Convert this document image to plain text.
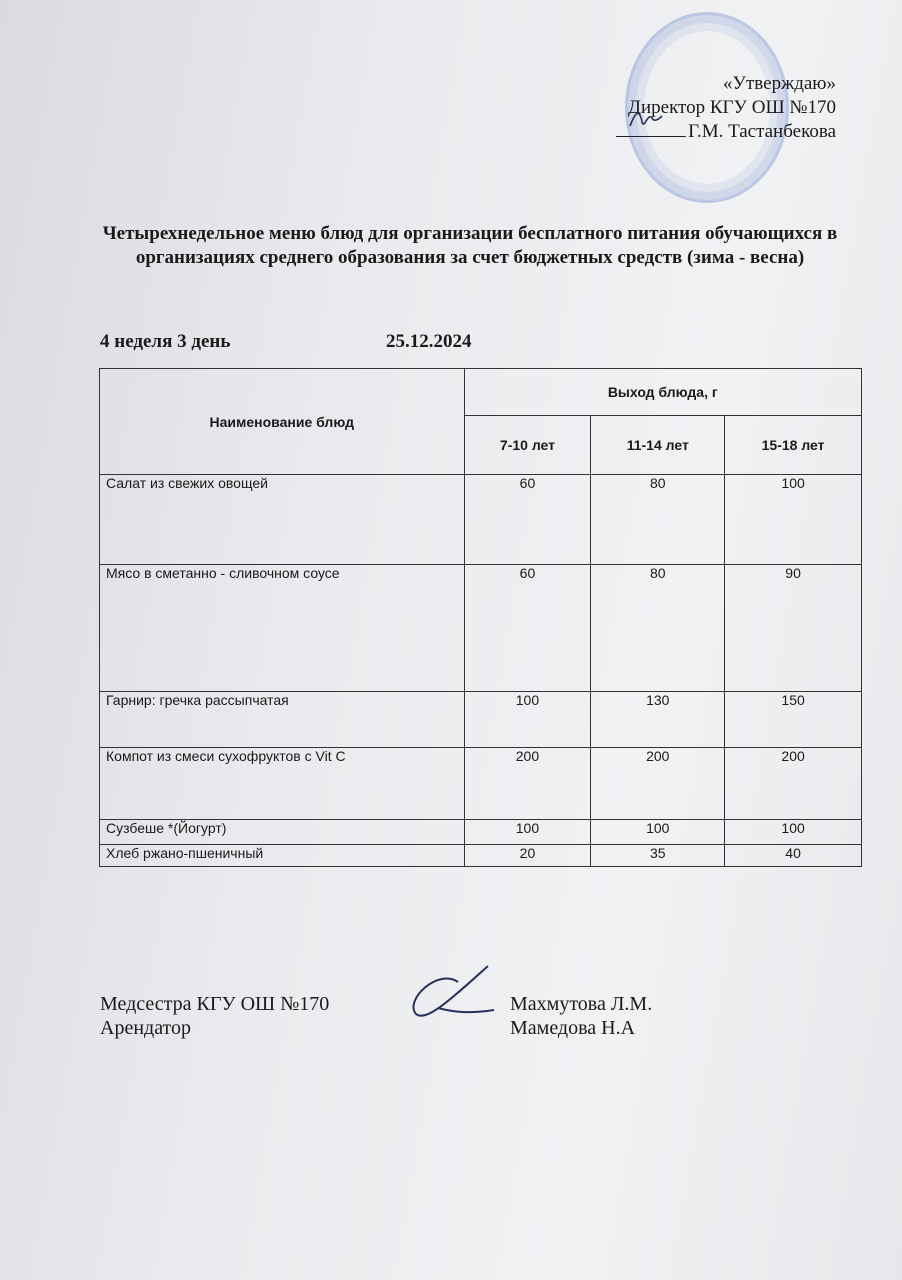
«Утверждаю»
Директор КГУ ОШ №170
Г.М. Тастанбекова
Четырехнедельное меню блюд для организации бесплатного питания обучающихся в организациях среднего образования за счет бюджетных средств (зима - весна)
4 неделя 3 день	25.12.2024
Наименование блюд	Выход блюда, г		
	7-10 лет	11-14 лет	15-18 лет
Салат из свежих овощей	60	80	100
Мясо в сметанно - сливочном соусе	60	80	90
Гарнир: гречка рассыпчатая	100	130	150
Компот из смеси сухофруктов с Vit C	200	200	200
Сузбеше *(Йогурт)	100	100	100
Хлеб ржано-пшеничный	20	35	40
Медсестра КГУ ОШ №170
Арендатор
Махмутова Л.М.
Мамедова Н.А
